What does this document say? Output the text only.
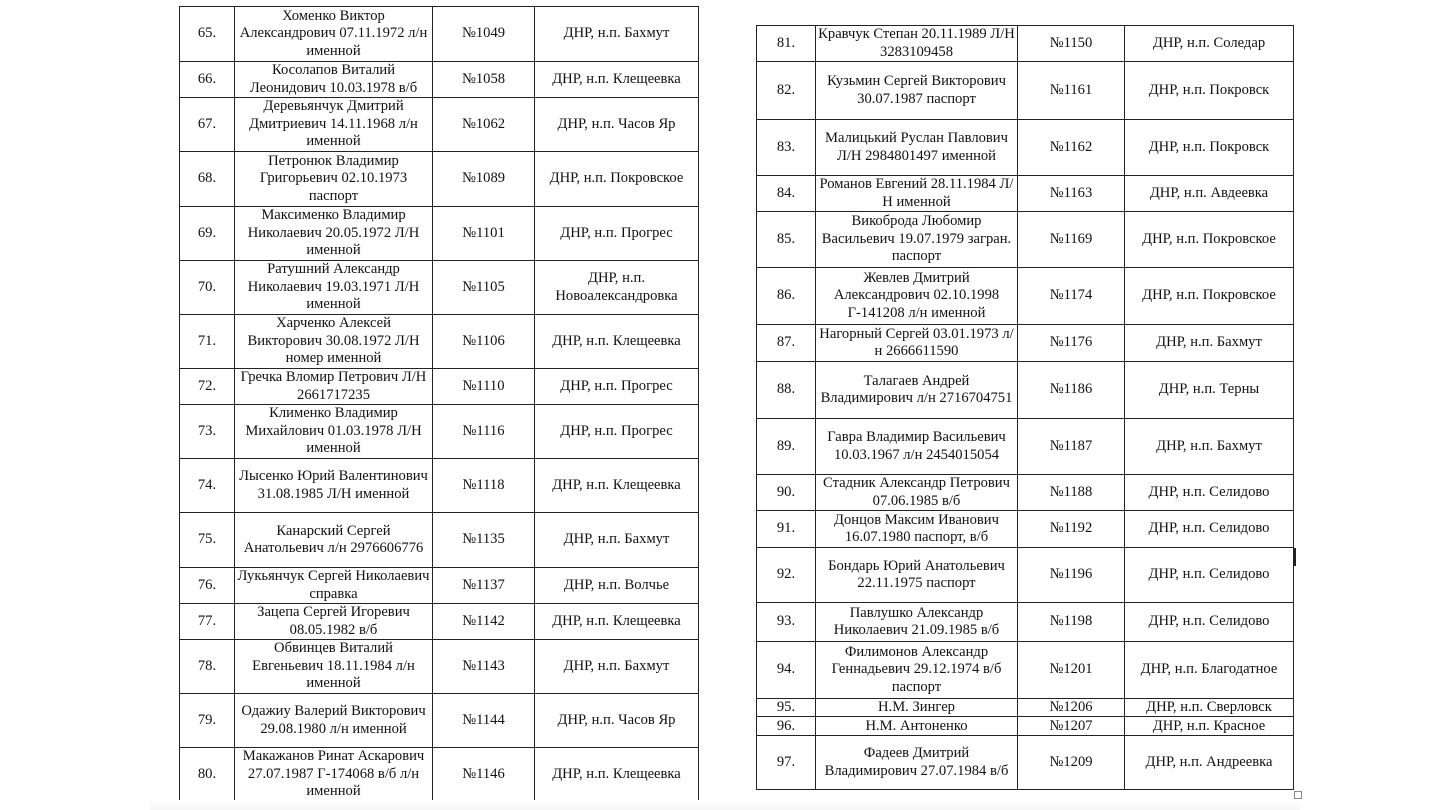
65.	Хоменко Виктор Александрович 07.11.1972 л/н именной	№1049	ДНР, н.п. Бахмут
66.	Косолапов Виталий Леонидович 10.03.1978 в/б	№1058	ДНР, н.п. Клещеевка
67.	Деревьянчук Дмитрий Дмитриевич 14.11.1968 л/н именной	№1062	ДНР, н.п. Часов Яр
68.	Петронюк Владимир Григорьевич 02.10.1973 паспорт	№1089	ДНР, н.п. Покровское
69.	Максименко Владимир Николаевич 20.05.1972 Л/Н именной	№1101	ДНР, н.п. Прогрес
70.	Ратушний Александр Николаевич 19.03.1971 Л/Н именной	№1105	ДНР, н.п. Новоалександровка
71.	Харченко Алексей Викторович 30.08.1972 Л/Н номер именной	№1106	ДНР, н.п. Клещеевка
72.	Гречка Вломир Петрович Л/Н 2661717235	№1110	ДНР, н.п. Прогрес
73.	Клименко Владимир Михайлович 01.03.1978 Л/Н именной	№1116	ДНР, н.п. Прогрес
74.	Лысенко Юрий Валентинович 31.08.1985 Л/Н именной	№1118	ДНР, н.п. Клещеевка
75.	Канарский Сергей Анатольевич л/н 2976606776	№1135	ДНР, н.п. Бахмут
76.	Лукьянчук Сергей Николаевич справка	№1137	ДНР, н.п. Волчье
77.	Зацепа Сергей Игоревич 08.05.1982 в/б	№1142	ДНР, н.п. Клещеевка
78.	Обвинцев Виталий Евгеньевич 18.11.1984 л/н именной	№1143	ДНР, н.п. Бахмут
79.	Одажиу Валерий Викторович 29.08.1980 л/н именной	№1144	ДНР, н.п. Часов Яр
80.	Макажанов Ринат Аскарович 27.07.1987 Г-174068 в/б л/н именной	№1146	ДНР, н.п. Клещеевка
81.	Кравчук Степан 20.11.1989 Л/Н 3283109458	№1150	ДНР, н.п. Соледар
82.	Кузьмин Сергей Викторович 30.07.1987 паспорт	№1161	ДНР, н.п. Покровск
83.	Малицький Руслан Павлович Л/Н 2984801497 именной	№1162	ДНР, н.п. Покровск
84.	Романов Евгений 28.11.1984 Л/Н именной	№1163	ДНР, н.п. Авдеевка
85.	Викоброда Любомир Васильевич 19.07.1979 загран. паспорт	№1169	ДНР, н.п. Покровское
86.	Жевлев Дмитрий Александрович 02.10.1998 Г-141208 л/н именной	№1174	ДНР, н.п. Покровское
87.	Нагорный Сергей 03.01.1973 л/н 2666611590	№1176	ДНР, н.п. Бахмут
88.	Талагаев Андрей Владимирович л/н 2716704751	№1186	ДНР, н.п. Терны
89.	Гавра Владимир Васильевич 10.03.1967 л/н 2454015054	№1187	ДНР, н.п. Бахмут
90.	Стадник Александр Петрович 07.06.1985 в/б	№1188	ДНР, н.п. Селидово
91.	Донцов Максим Иванович 16.07.1980 паспорт, в/б	№1192	ДНР, н.п. Селидово
92.	Бондарь Юрий Анатольевич 22.11.1975 паспорт	№1196	ДНР, н.п. Селидово
93.	Павлушко Александр Николаевич 21.09.1985 в/б	№1198	ДНР, н.п. Селидово
94.	Филимонов Александр Геннадьевич 29.12.1974 в/б паспорт	№1201	ДНР, н.п. Благодатное
95.	Н.М. Зингер	№1206	ДНР, н.п. Сверловск
96.	Н.М. Антоненко	№1207	ДНР, н.п. Красное
97.	Фадеев Дмитрий Владимирович 27.07.1984 в/б	№1209	ДНР, н.п. Андреевка
